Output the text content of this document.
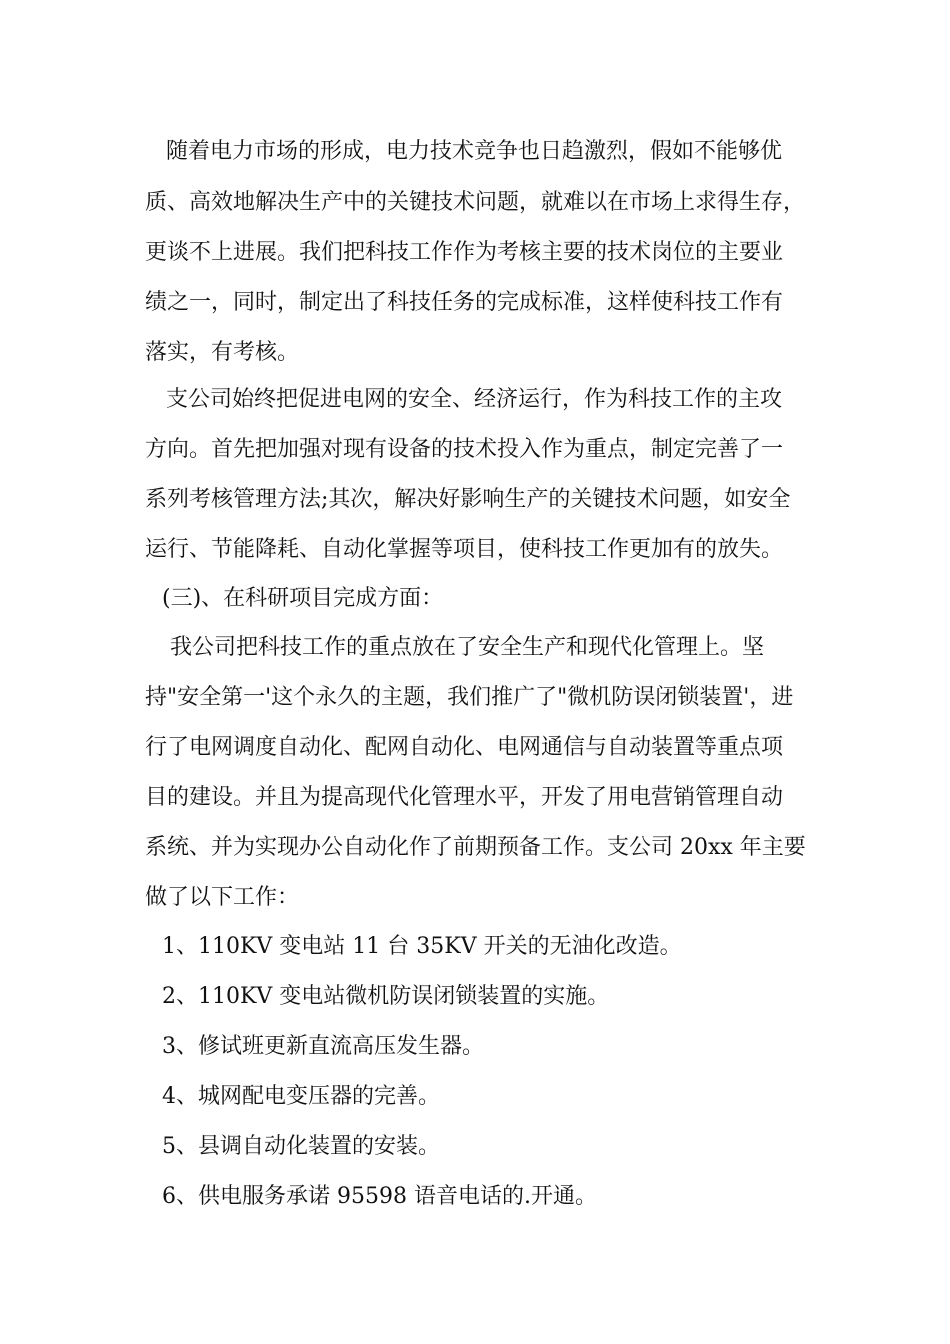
随着电力市场的形成，电力技术竞争也日趋激烈，假如不能够优
质、高效地解决生产中的关键技术问题，就难以在市场上求得生存，
更谈不上进展。我们把科技工作作为考核主要的技术岗位的主要业
绩之一，同时，制定出了科技任务的完成标准，这样使科技工作有
落实，有考核。
支公司始终把促进电网的安全、经济运行，作为科技工作的主攻
方向。首先把加强对现有设备的技术投入作为重点，制定完善了一
系列考核管理方法;其次，解决好影响生产的关键技术问题，如安全
运行、节能降耗、自动化掌握等项目，使科技工作更加有的放失。
(三)、在科研项目完成方面：
我公司把科技工作的重点放在了安全生产和现代化管理上。坚
持"安全第一'这个永久的主题，我们推广了"微机防误闭锁装置'，进
行了电网调度自动化、配网自动化、电网通信与自动装置等重点项
目的建设。并且为提高现代化管理水平，开发了用电营销管理自动
系统、并为实现办公自动化作了前期预备工作。支公司 20xx 年主要
做了以下工作：
1、110KV 变电站 11 台 35KV 开关的无油化改造。
2、110KV 变电站微机防误闭锁装置的实施。
3、修试班更新直流高压发生器。
4、城网配电变压器的完善。
5、县调自动化装置的安装。
6、供电服务承诺 95598 语音电话的.开通。
